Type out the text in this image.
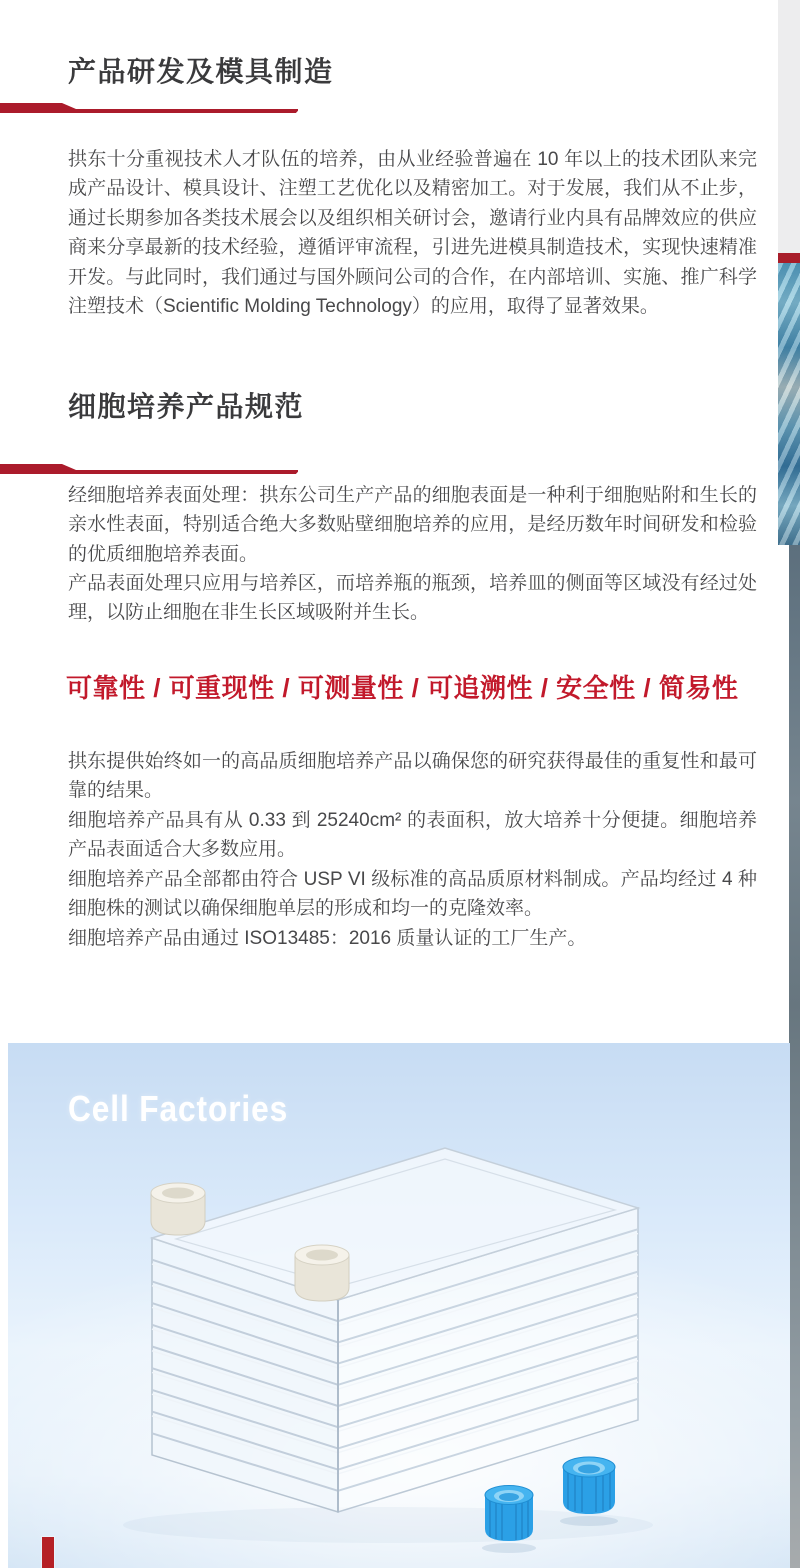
产品研发及模具制造

拱东十分重视技术人才队伍的培养，由从业经验普遍在 10 年以上的技术团队来完成产品设计、模具设计、注塑工艺优化以及精密加工。对于发展，我们从不止步，通过长期参加各类技术展会以及组织相关研讨会，邀请行业内具有品牌效应的供应商来分享最新的技术经验，遵循评审流程，引进先进模具制造技术，实现快速精准开发。与此同时，我们通过与国外顾问公司的合作，在内部培训、实施、推广科学注塑技术（Scientific Molding Technology）的应用，取得了显著效果。

细胞培养产品规范

经细胞培养表面处理：拱东公司生产产品的细胞表面是一种利于细胞贴附和生长的亲水性表面，特别适合绝大多数贴壁细胞培养的应用，是经历数年时间研发和检验的优质细胞培养表面。

产品表面处理只应用与培养区，而培养瓶的瓶颈，培养皿的侧面等区域没有经过处理，以防止细胞在非生长区域吸附并生长。

可靠性 / 可重现性 / 可测量性 / 可追溯性 / 安全性 / 简易性

拱东提供始终如一的高品质细胞培养产品以确保您的研究获得最佳的重复性和最可靠的结果。

细胞培养产品具有从 0.33 到 25240cm² 的表面积，放大培养十分便捷。细胞培养产品表面适合大多数应用。

细胞培养产品全部都由符合 USP VI 级标准的高品质原材料制成。产品均经过 4 种细胞株的测试以确保细胞单层的形成和均一的克隆效率。

细胞培养产品由通过 ISO13485：2016 质量认证的工厂生产。

Cell Factories
